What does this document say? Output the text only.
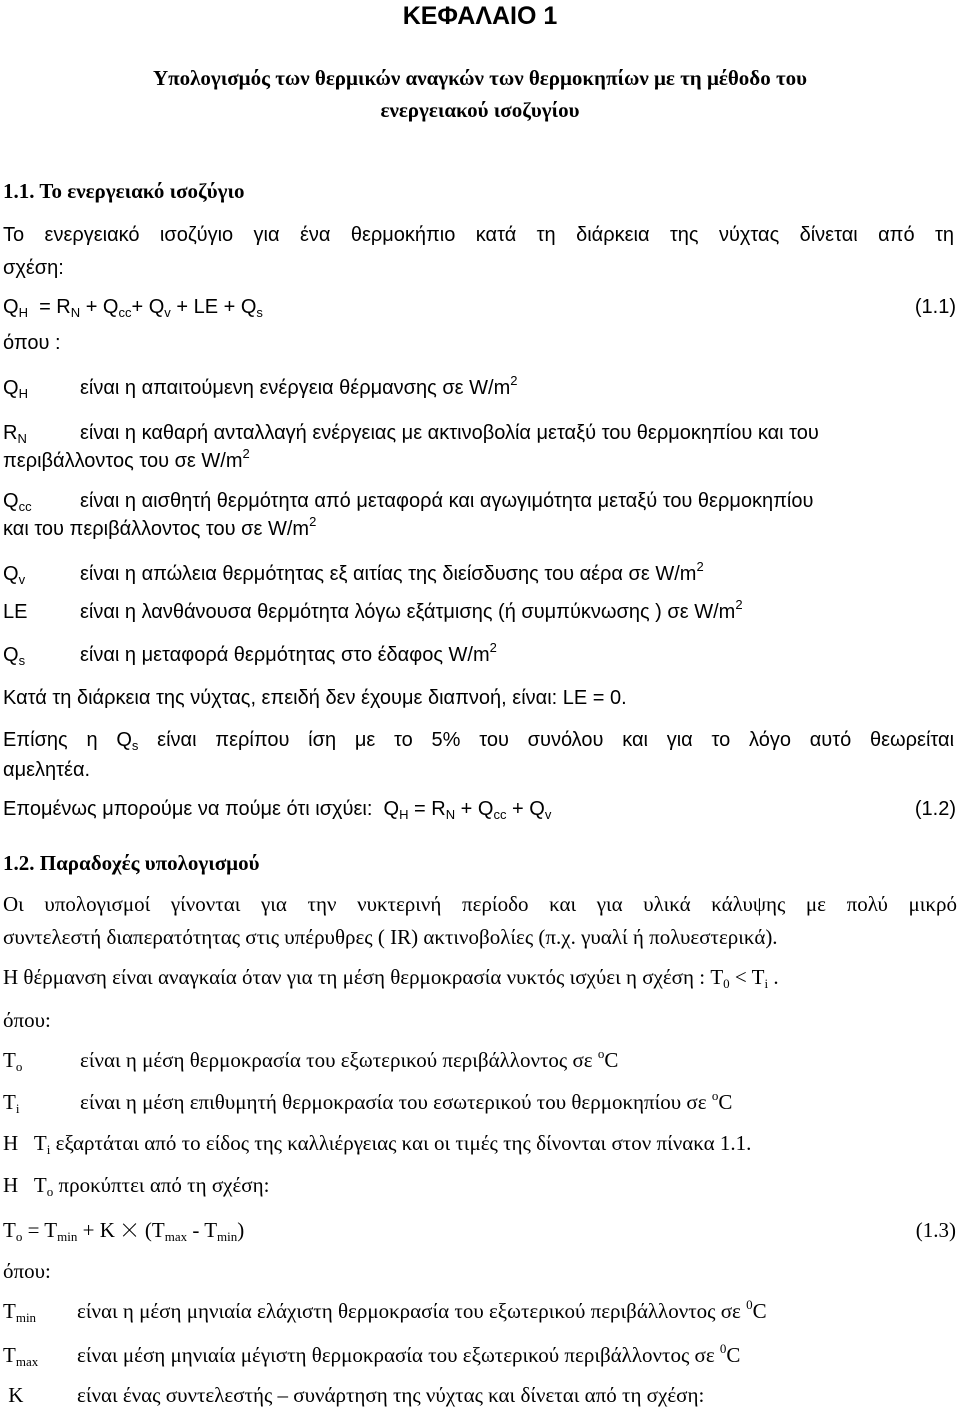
ΚΕΦΑΛΑΙΟ 1
Υπολογισμός των θερμικών αναγκών των θερμοκηπίων με τη μέθοδο του
ενεργειακού ισοζυγίου
1.1. Το ενεργειακό ισοζύγιο
Το ενεργειακό ισοζύγιο για ένα θερμοκήπιο κατά τη διάρκεια της νύχτας δίνεται από τη
σχέση:
$Q_H = R_N + Q_{cc}+ Q_v$ + LE + $Q_s$	(1.1)
όπου :
$Q_H$	είναι η απαιτούμενη ενέργεια θέρμανσης σε $W/m^2$
$R_N$	είναι η καθαρή ανταλλαγή ενέργειας με ακτινοβολία μεταξύ του θερμοκηπίου και του
περιβάλλοντος του σε $W/m^2$
$Q_{cc}$ είναι η αισθητή θερμότητα από μεταφορά και αγωγιμότητα μεταξύ του θερμοκηπίου
και του περιβάλλοντος του σε $W/m^2$
$Q_v$	είναι η απώλεια θερμότητας εξ αιτίας της διείσδυσης του αέρα σε $W/m^2$
LE	είναι η λανθάνουσα θερμότητα λόγω εξάτμισης (ή συμπύκνωσης ) σε $W/m^2$
$Q_s$	είναι η μεταφορά θερμότητας στο έδαφος $W/m^2$
Κατά τη διάρκεια της νύχτας, επειδή δεν έχουμε διαπνοή, είναι: LE = 0.
Επίσης η $Q_s$ είναι περίπου ίση με το 5% του συνόλου και για το λόγο αυτό θεωρείται
αμελητέα.
Επομένως μπορούμε να πούμε ότι ισχύει:  $Q_H = R_N + Q_{cc} + Q_v$	(1.2)
1.2. Παραδοχές υπολογισμού
Οι υπολογισμοί γίνονται για την νυκτερινή περίοδο και για υλικά κάλυψης με πολύ μικρό
συντελεστή διαπερατότητας στις υπέρυθρες ( IR) ακτινοβολίες (π.χ. γυαλί ή πολυεστερικά).
Η θέρμανση είναι αναγκαία όταν για τη μέση θερμοκρασία νυκτός ισχύει η σχέση : $T_0 < T_i$ .
όπου:
$T_o$	είναι η μέση θερμοκρασία του εξωτερικού περιβάλλοντος σε $^o$C
$T_i$	είναι η μέση επιθυμητή θερμοκρασία του εσωτερικού του θερμοκηπίου σε $^o$C
Η   $T_i$ εξαρτάται από το είδος της καλλιέργειας και οι τιμές της δίνονται στον πίνακα 1.1.
Η   $T_o$ προκύπτει από τη σχέση:
$T_o = T_{min} + K$ $(T_{max} - T_{min})$	(1.3)
όπου:
$T_{min}$ είναι η μέση μηνιαία ελάχιστη θερμοκρασία του εξωτερικού περιβάλλοντος σε $^0$C
$T_{max}$ είναι μέση μηνιαία μέγιστη θερμοκρασία του εξωτερικού περιβάλλοντος σε $^0$C
K	είναι ένας συντελεστής – συνάρτηση της νύχτας και δίνεται από τη σχέση:
